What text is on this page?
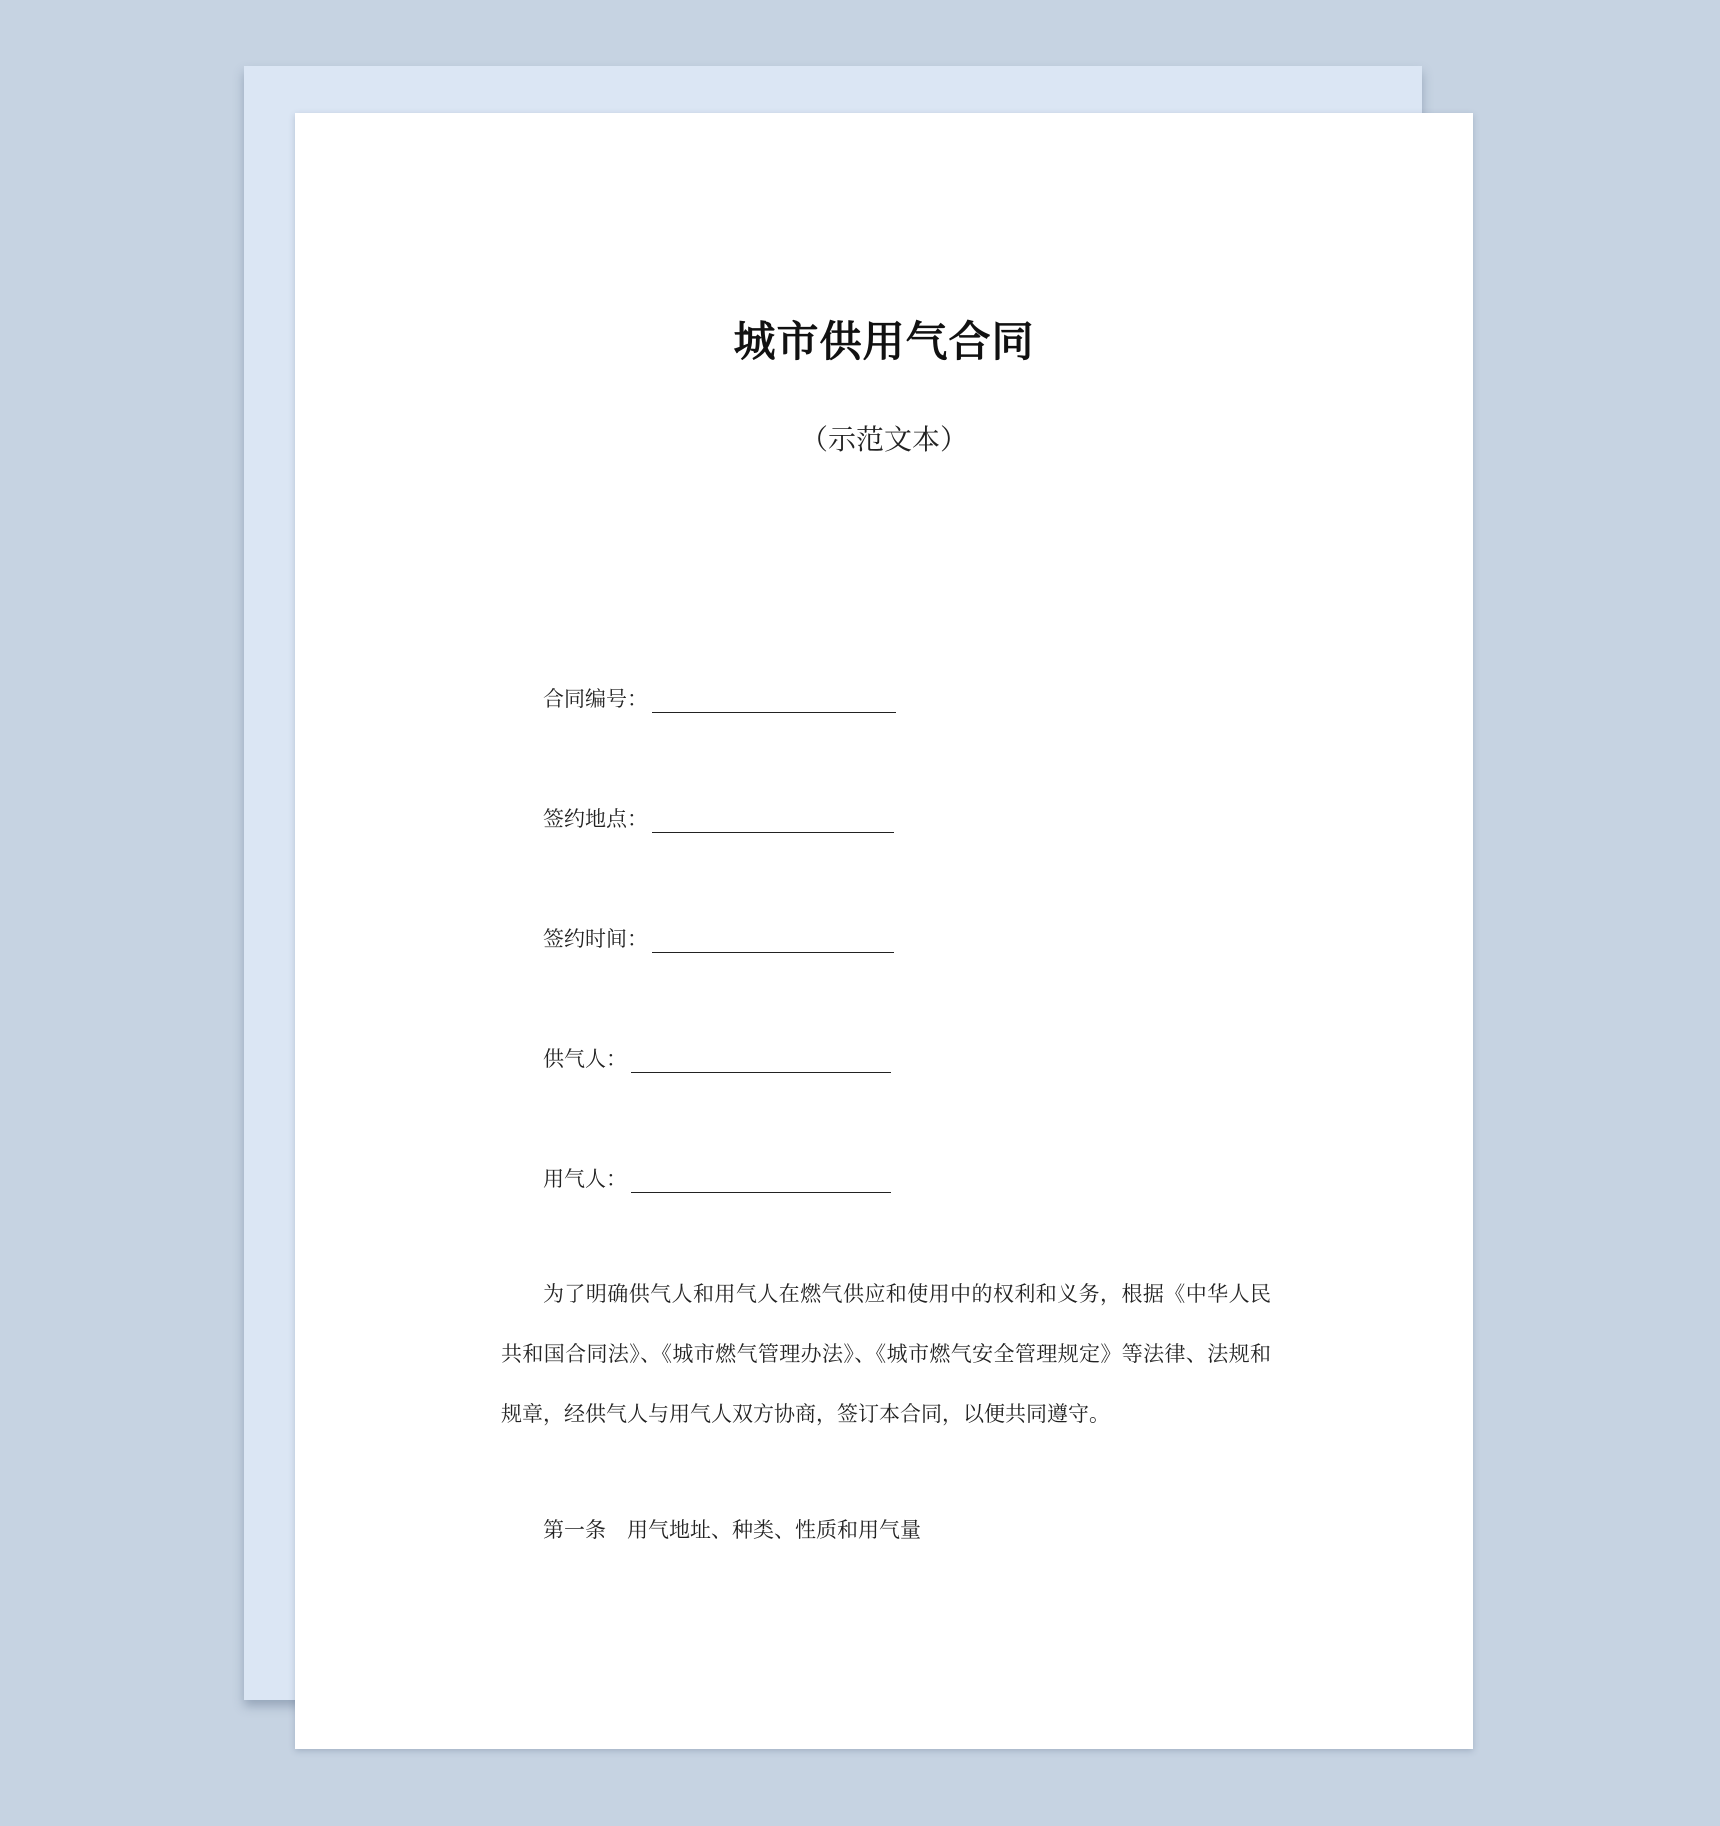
城市供用气合同
（示范文本）
合同编号：
签约地点：
签约时间：
供气人：
用气人：

为了明确供气人和用气人在燃气供应和使用中的权利和义务，根据《中华人民共和国合同法》、《城市燃气管理办法》、《城市燃气安全管理规定》等法律、法规和规章，经供气人与用气人双方协商，签订本合同，以便共同遵守。

第一条　用气地址、种类、性质和用气量
